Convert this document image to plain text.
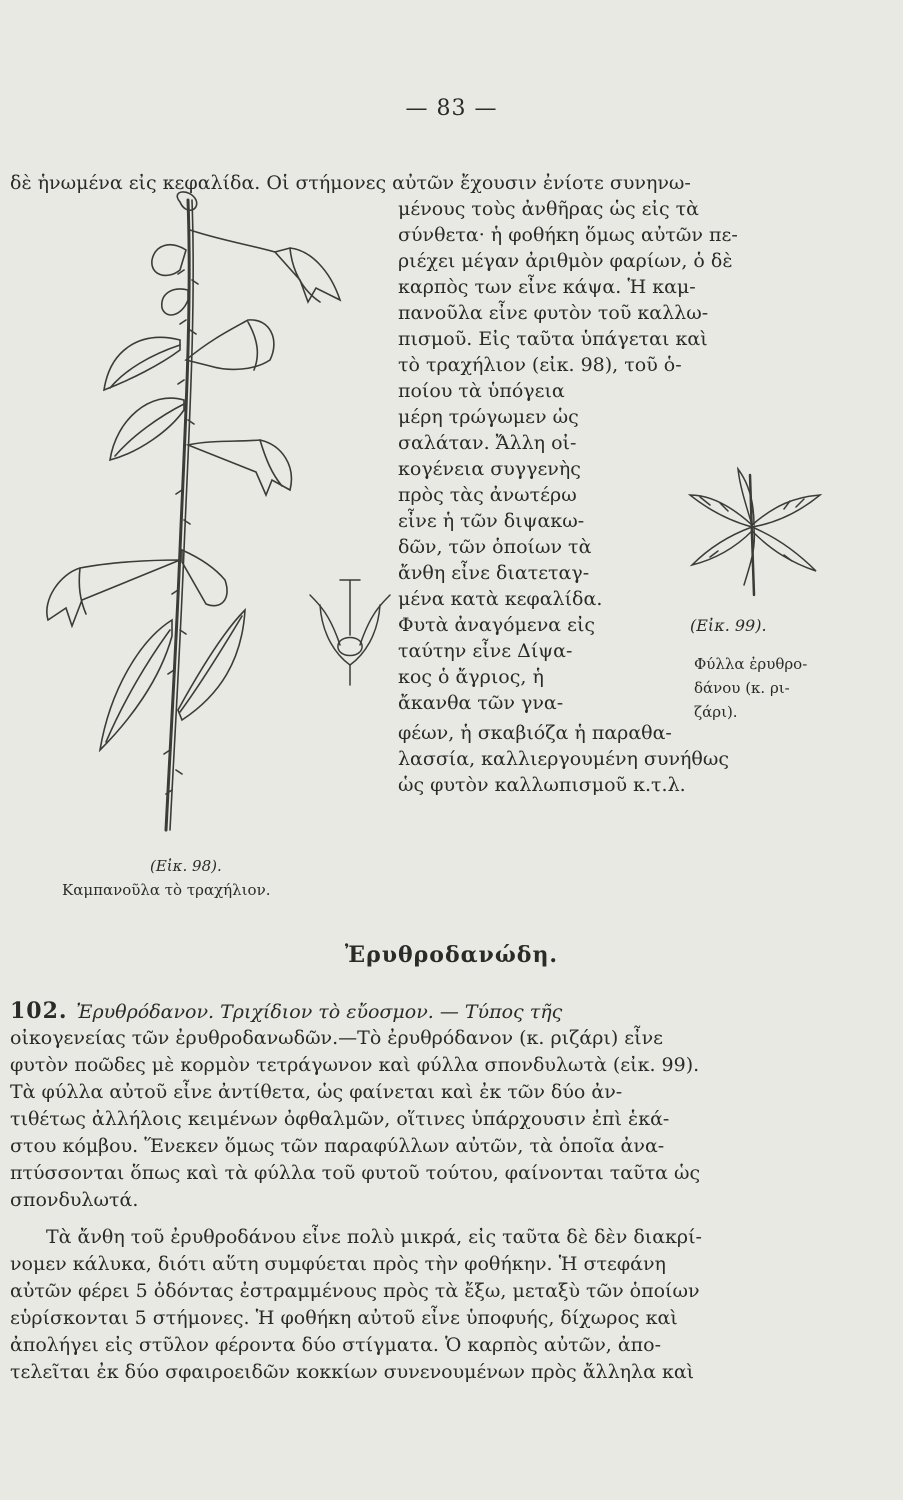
— 83 —
δὲ ἡνωμένα εἰς κεφαλίδα. Οἱ στήμονες αὐτῶν ἔχουσιν ἐνίοτε συνηνω-
μένους τοὺς ἀνθῆρας ὡς εἰς τὰ
σύνθετα· ἡ φοθήκη ὅμως αὐτῶν πε-
ριέχει μέγαν ἀριθμὸν φαρίων, ὁ δὲ
καρπὸς των εἶνε κάψα. Ἡ καμ-
πανοῦλα εἶνε φυτὸν τοῦ καλλω-
πισμοῦ. Εἰς ταῦτα ὑπάγεται καὶ
τὸ τραχήλιον (εἰκ. 98), τοῦ ὁ-
ποίου τὰ ὑπόγεια
μέρη τρώγωμεν ὡς
σαλάταν. Ἄλλη οἰ-
κογένεια συγγενὴς
πρὸς τὰς ἀνωτέρω
εἶνε ἡ τῶν διψακω-
δῶν, τῶν ὁποίων τὰ
ἄνθη εἶνε διατεταγ-
μένα κατὰ κεφαλίδα.
Φυτὰ ἀναγόμενα εἰς
ταύτην εἶνε Δίψα-
κος ὁ ἄγριος, ἡ
ἄκανθα τῶν γνα-
φέων, ἡ σκαβιόζα ἡ παραθα-
λασσία, καλλιεργουμένη συνήθως
ὡς φυτὸν καλλωπισμοῦ κ.τ.λ.
(Εἰκ. 98).
Καμπανοῦλα τὸ τραχήλιον.
(Εἰκ. 99).
Φύλλα ἐρυθρο-
δάνου (κ. ρι-
ζάρι).
Ἐρυθροδανώδη.
102. Ἐρυθρόδανον. Τριχίδιον τὸ εὔοσμον. — Τύπος τῆς
οἰκογενείας τῶν ἐρυθροδανωδῶν.—Τὸ ἐρυθρόδανον (κ. ριζάρι) εἶνε
φυτὸν ποῶδες μὲ κορμὸν τετράγωνον καὶ φύλλα σπονδυλωτὰ (εἰκ. 99).
Τὰ φύλλα αὐτοῦ εἶνε ἀντίθετα, ὡς φαίνεται καὶ ἐκ τῶν δύο ἀν-
τιθέτως ἀλλήλοις κειμένων ὀφθαλμῶν, οἵτινες ὑπάρχουσιν ἐπὶ ἑκά-
στου κόμβου. Ἕνεκεν ὅμως τῶν παραφύλλων αὐτῶν, τὰ ὁποῖα ἀνα-
πτύσσονται ὅπως καὶ τὰ φύλλα τοῦ φυτοῦ τούτου, φαίνονται ταῦτα ὡς
σπονδυλωτά.
Τὰ ἄνθη τοῦ ἐρυθροδάνου εἶνε πολὺ μικρά, εἰς ταῦτα δὲ δὲν διακρί-
νομεν κάλυκα, διότι αὕτη συμφύεται πρὸς τὴν φοθήκην. Ἡ στεφάνη
αὐτῶν φέρει 5 ὀδόντας ἐστραμμένους πρὸς τὰ ἔξω, μεταξὺ τῶν ὁποίων
εὑρίσκονται 5 στήμονες. Ἡ φοθήκη αὐτοῦ εἶνε ὑποφυής, δίχωρος καὶ
ἀπολήγει εἰς στῦλον φέροντα δύο στίγματα. Ὁ καρπὸς αὐτῶν, ἀπο-
τελεῖται ἐκ δύο σφαιροειδῶν κοκκίων συνενουμένων πρὸς ἄλληλα καὶ
